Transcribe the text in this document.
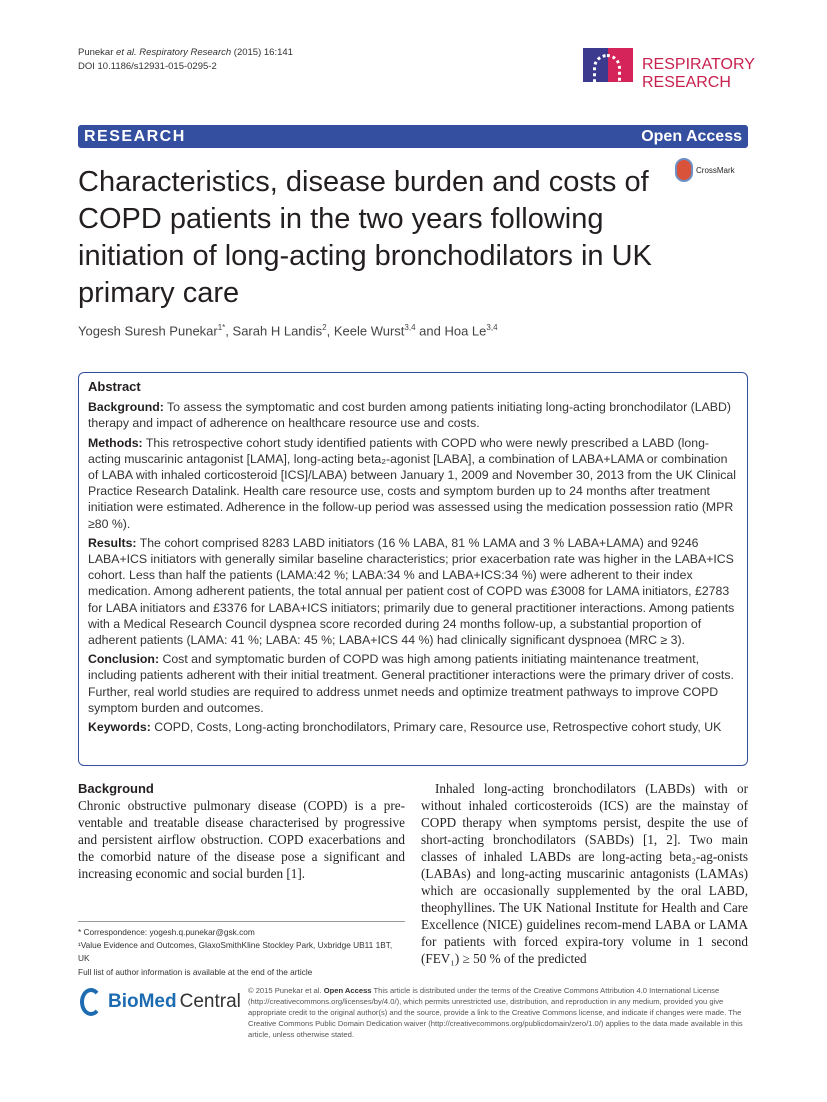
Punekar et al. Respiratory Research (2015) 16:141
DOI 10.1186/s12931-015-0295-2	RESPIRATORY
RESEARCH
RESEARCH	Open Access
Characteristics, disease burden and costs of COPD patients in the two years following initiation of long-acting bronchodilators in UK primary care
CrossMark
Yogesh Suresh Punekar$^{1*}$, Sarah H Landis$^2$, Keele Wurst$^{3,4}$ and Hoa Le$^{3,4}$
Abstract

Background: To assess the symptomatic and cost burden among patients initiating long-acting bronchodilator (LABD) therapy and impact of adherence on healthcare resource use and costs.

Methods: This retrospective cohort study identified patients with COPD who were newly prescribed a LABD (long-acting muscarinic antagonist [LAMA], long-acting beta₂-agonist [LABA], a combination of LABA+LAMA or combination of LABA with inhaled corticosteroid [ICS]/LABA) between January 1, 2009 and November 30, 2013 from the UK Clinical Practice Research Datalink. Health care resource use, costs and symptom burden up to 24 months after treatment initiation were estimated. Adherence in the follow-up period was assessed using the medication possession ratio (MPR ≥80 %).

Results: The cohort comprised 8283 LABD initiators (16 % LABA, 81 % LAMA and 3 % LABA+LAMA) and 9246 LABA+ICS initiators with generally similar baseline characteristics; prior exacerbation rate was higher in the LABA+ICS cohort. Less than half the patients (LAMA:42 %; LABA:34 % and LABA+ICS:34 %) were adherent to their index medication. Among adherent patients, the total annual per patient cost of COPD was £3008 for LAMA initiators, £2783 for LABA initiators and £3376 for LABA+ICS initiators; primarily due to general practitioner interactions. Among patients with a Medical Research Council dyspnea score recorded during 24 months follow-up, a substantial proportion of adherent patients (LAMA: 41 %; LABA: 45 %; LABA+ICS 44 %) had clinically significant dyspnoea (MRC ≥ 3).

Conclusion: Cost and symptomatic burden of COPD was high among patients initiating maintenance treatment, including patients adherent with their initial treatment. General practitioner interactions were the primary driver of costs. Further, real world studies are required to address unmet needs and optimize treatment pathways to improve COPD symptom burden and outcomes.

Keywords: COPD, Costs, Long-acting bronchodilators, Primary care, Resource use, Retrospective cohort study, UK

Background

Chronic obstructive pulmonary disease (COPD) is a pre-ventable and treatable disease characterised by progressive and persistent airflow obstruction. COPD exacerbations and the comorbid nature of the disease pose a significant and increasing economic and social burden [1].

Inhaled long-acting bronchodilators (LABDs) with or without inhaled corticosteroids (ICS) are the mainstay of COPD therapy when symptoms persist, despite the use of short-acting bronchodilators (SABDs) [1, 2]. Two main classes of inhaled LABDs are long-acting beta₂-ag-onists (LABAs) and long-acting muscarinic antagonists (LAMAs) which are occasionally supplemented by the oral LABD, theophyllines. The UK National Institute for Health and Care Excellence (NICE) guidelines recom-mend LABA or LAMA for patients with forced expira-tory volume in 1 second (FEV₁) ≥ 50 % of the predicted

* Correspondence: yogesh.q.punekar@gsk.com
¹Value Evidence and Outcomes, GlaxoSmithKline Stockley Park, Uxbridge UB11 1BT, UK
Full list of author information is available at the end of the article
BioMed Central
© 2015 Punekar et al. Open Access This article is distributed under the terms of the Creative Commons Attribution 4.0 International License (http://creativecommons.org/licenses/by/4.0/), which permits unrestricted use, distribution, and reproduction in any medium, provided you give appropriate credit to the original author(s) and the source, provide a link to the Creative Commons license, and indicate if changes were made. The Creative Commons Public Domain Dedication waiver (http://creativecommons.org/publicdomain/zero/1.0/) applies to the data made available in this article, unless otherwise stated.
